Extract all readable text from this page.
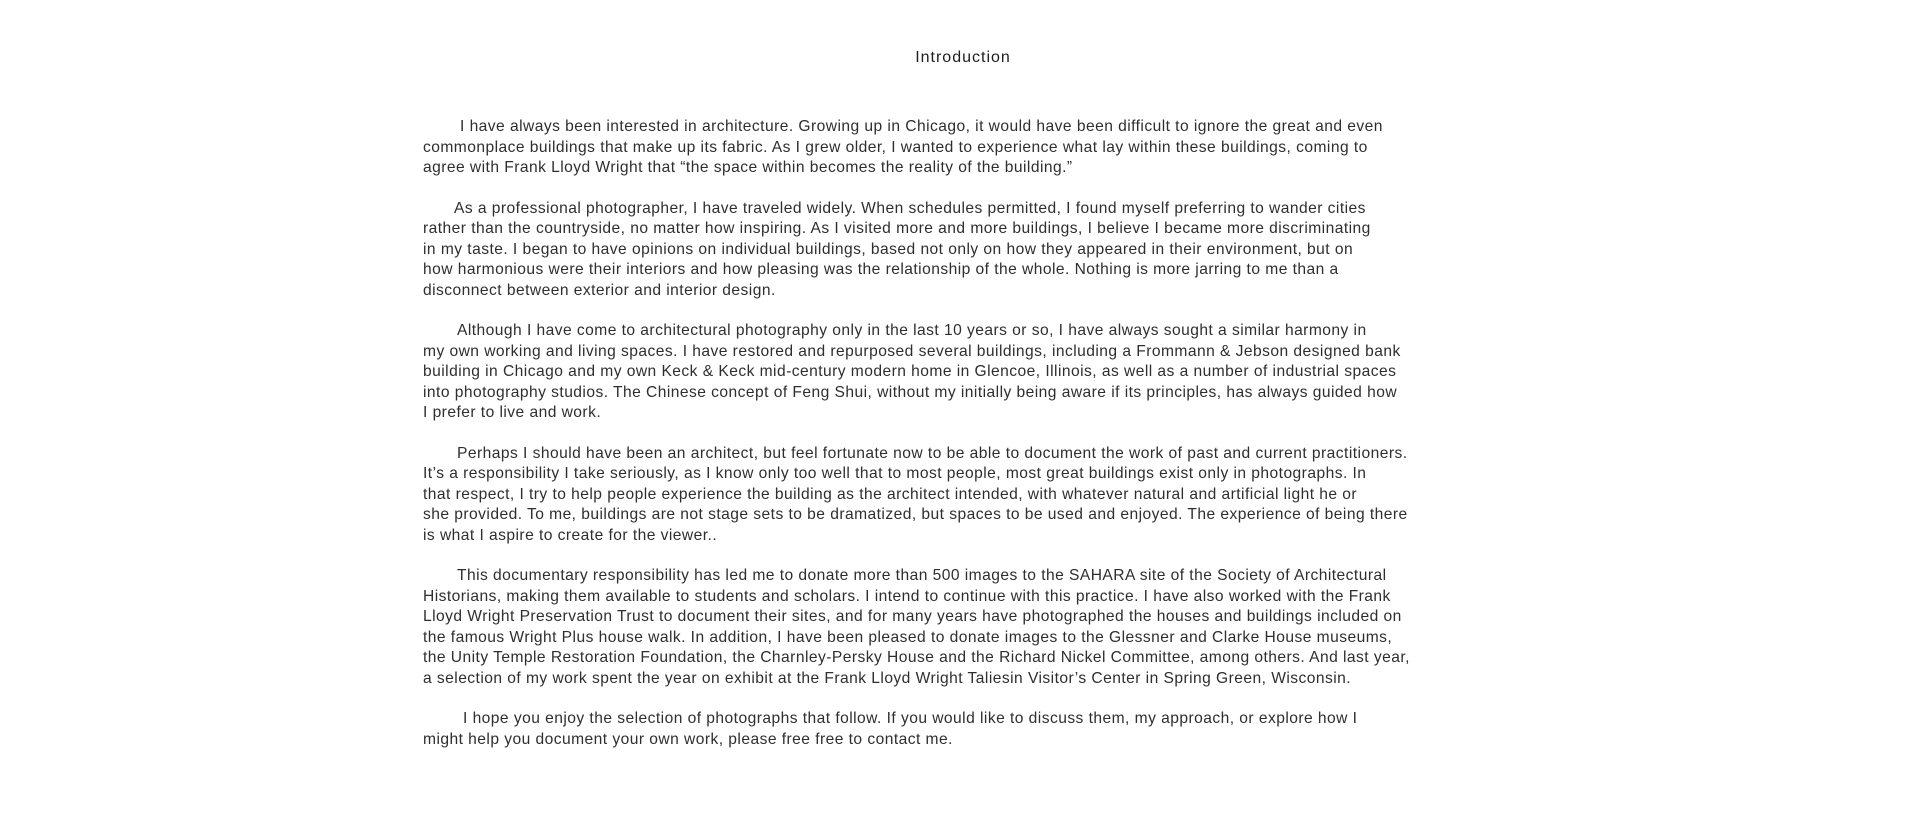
Introduction

I have always been interested in architecture. Growing up in Chicago, it would have been difficult to ignore the great and even
commonplace buildings that make up its fabric. As I grew older, I wanted to experience what lay within these buildings, coming to
agree with Frank Lloyd Wright that “the space within becomes the reality of the building.”

As a professional photographer, I have traveled widely. When schedules permitted, I found myself preferring to wander cities
rather than the countryside, no matter how inspiring. As I visited more and more buildings, I believe I became more discriminating
in my taste. I began to have opinions on individual buildings, based not only on how they appeared in their environment, but on
how harmonious were their interiors and how pleasing was the relationship of the whole. Nothing is more jarring to me than a
disconnect between exterior and interior design.

Although I have come to architectural photography only in the last 10 years or so, I have always sought a similar harmony in
my own working and living spaces. I have restored and repurposed several buildings, including a Frommann & Jebson designed bank
building in Chicago and my own Keck & Keck mid-century modern home in Glencoe, Illinois, as well as a number of industrial spaces
into photography studios. The Chinese concept of Feng Shui, without my initially being aware if its principles, has always guided how
I prefer to live and work.

Perhaps I should have been an architect, but feel fortunate now to be able to document the work of past and current practitioners.
It’s a responsibility I take seriously, as I know only too well that to most people, most great buildings exist only in photographs. In
that respect, I try to help people experience the building as the architect intended, with whatever natural and artificial light he or
she provided. To me, buildings are not stage sets to be dramatized, but spaces to be used and enjoyed. The experience of being there
is what I aspire to create for the viewer..

This documentary responsibility has led me to donate more than 500 images to the SAHARA site of the Society of Architectural
Historians, making them available to students and scholars. I intend to continue with this practice. I have also worked with the Frank
Lloyd Wright Preservation Trust to document their sites, and for many years have photographed the houses and buildings included on
the famous Wright Plus house walk. In addition, I have been pleased to donate images to the Glessner and Clarke House museums,
the Unity Temple Restoration Foundation, the Charnley-Persky House and the Richard Nickel Committee, among others. And last year,
a selection of my work spent the year on exhibit at the Frank Lloyd Wright Taliesin Visitor’s Center in Spring Green, Wisconsin.

I hope you enjoy the selection of photographs that follow. If you would like to discuss them, my approach, or explore how I
might help you document your own work, please free free to contact me.
